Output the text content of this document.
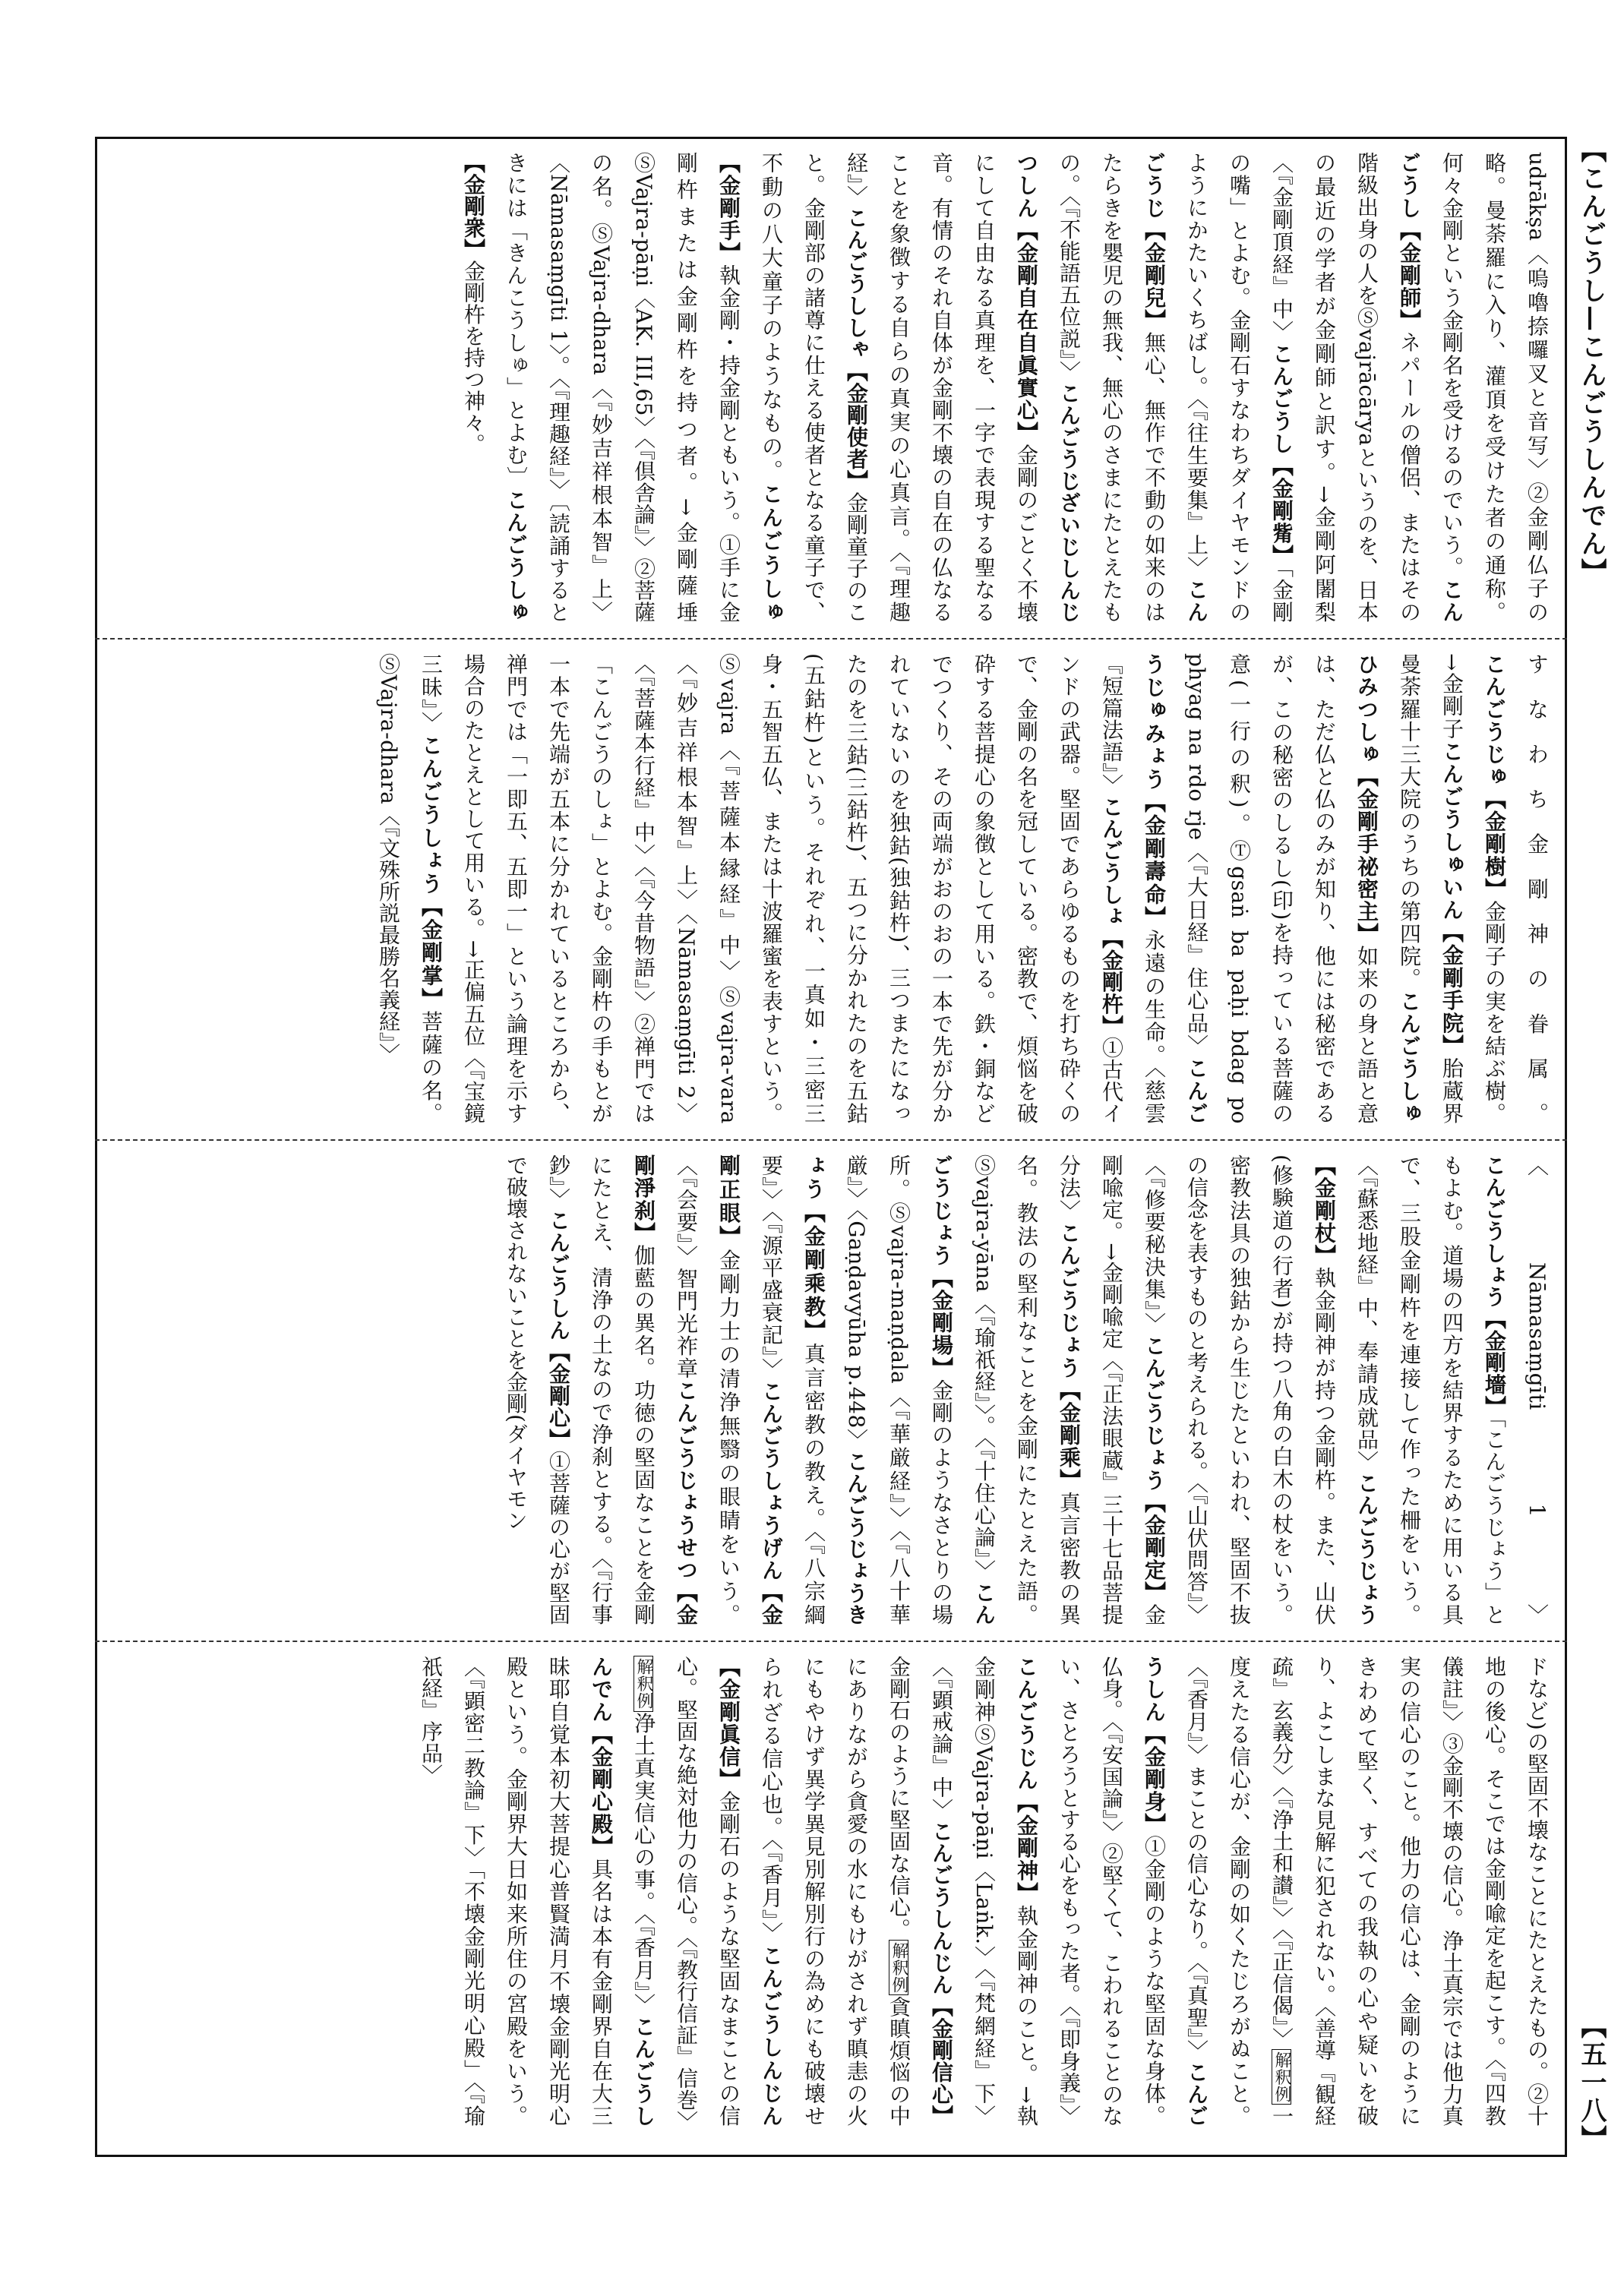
【こんごうし—こんごうしんでん】
【五一八】
udrākṣa〈嗚嚕捺囉叉と音写〉②金剛仏子の略。曼荼羅に入り、灌頂を受けた者の通称。何々金剛という金剛名を受けるのでいう。こんごうし【金剛師】ネパールの僧侶、またはその階級出身の人をⓈvajrācāryaというのを、日本の最近の学者が金剛師と訳す。→金剛阿闍梨〈『金剛頂経』中〉こんごうし【金剛觜】「金剛の嘴」とよむ。金剛石すなわちダイヤモンドのようにかたいくちばし。〈『往生要集』上〉こんごうじ【金剛兒】無心、無作で不動の如来のはたらきを嬰児の無我、無心のさまにたとえたもの。〈『不能語五位説』〉こんごうじざいじしんじつしん【金剛自在自眞實心】金剛のごとく不壊にして自由なる真理を、一字で表現する聖なる音。有情のそれ自体が金剛不壊の自在の仏なることを象徴する自らの真実の心真言。〈『理趣経』〉こんごうししゃ【金剛使者】金剛童子のこと。金剛部の諸尊に仕える使者となる童子で、不動の八大童子のようなもの。こんごうしゅ【金剛手】執金剛・持金剛ともいう。①手に金剛杵または金剛杵を持つ者。→金剛薩埵 ⓈVajra-pāṇi〈AK. III,65〉〈『倶舎論』〉②菩薩の名。ⓈVajra-dhara〈『妙吉祥根本智』上〉〈Nāmasaṃgīti 1〉。〈『理趣経』〉〔読誦するときには「きんこうしゅ」とよむ〕こんごうしゅ【金剛衆】金剛杵を持つ神々。
すなわち金剛神の眷属。こんごうじゅ【金剛樹】金剛子の実を結ぶ樹。→金剛子こんごうしゅいん【金剛手院】胎蔵界曼荼羅十三大院のうちの第四院。こんごうしゅひみつしゅ【金剛手祕密主】如来の身と語と意は、ただ仏と仏のみが知り、他には秘密であるが、この秘密のしるし(印)を持っている菩薩の意(一行の釈)。Ⓣgsaṅ ba paḥi bdag po phyag na rdo rje〈『大日経』住心品〉こんごうじゅみょう【金剛壽命】永遠の生命。〈慈雲『短篇法語』〉こんごうしょ【金剛杵】①古代インドの武器。堅固であらゆるものを打ち砕くので、金剛の名を冠している。密教で、煩悩を破砕する菩提心の象徴として用いる。鉄・銅などでつくり、その両端がおのおの一本で先が分かれていないのを独鈷(独鈷杵)、三つまたになったのを三鈷(三鈷杵)、五つに分かれたのを五鈷(五鈷杵)という。それぞれ、一真如・三密三身・五智五仏、または十波羅蜜を表すという。Ⓢvajra〈『菩薩本縁経』中〉Ⓢvajra-vara〈『妙吉祥根本智』上〉〈Nāmasaṃgīti 2〉〈『菩薩本行経』中〉〈『今昔物語』〉②禅門では「こんごうのしょ」とよむ。金剛杵の手もとが一本で先端が五本に分かれているところから、禅門では「一即五、五即一」という論理を示す場合のたとえとして用いる。→正偏五位〈『宝鏡三昧』〉こんごうしょう【金剛掌】菩薩の名。ⓈVajra-dhara〈『文殊所説最勝名義経』〉
〈Nāmasaṃgīti 1〉こんごうしょう【金剛墻】「こんごうじょう」ともよむ。道場の四方を結界するために用いる具で、三股金剛杵を連接して作った柵をいう。〈『蘇悉地経』中、奉請成就品〉こんごうじょう【金剛杖】執金剛神が持つ金剛杵。また、山伏(修験道の行者)が持つ八角の白木の杖をいう。密教法具の独鈷から生じたといわれ、堅固不抜の信念を表すものと考えられる。〈『山伏問答』〉〈『修要秘決集』〉こんごうじょう【金剛定】金剛喩定。→金剛喩定〈『正法眼蔵』三十七品菩提分法〉こんごうじょう【金剛乘】真言密教の異名。教法の堅利なことを金剛にたとえた語。Ⓢvajra-yāna〈『瑜祇経』〉。〈『十住心論』〉こんごうじょう【金剛場】金剛のようなさとりの場所。Ⓢvajra-maṇḍala〈『華厳経』〉〈『八十華厳』〉〈Gaṇḍavyūha p.448〉こんごうじょうきょう【金剛乘教】真言密教の教え。〈『八宗綱要』〉〈『源平盛衰記』〉こんごうしょうげん【金剛正眼】金剛力士の清浄無翳の眼睛をいう。〈『会要』〉智門光祚章こんごうじょうせつ【金剛淨刹】伽藍の異名。功徳の堅固なことを金剛にたとえ、清浄の土なので浄刹とする。〈『行事鈔』〉こんごうしん【金剛心】①菩薩の心が堅固で破壊されないことを金剛(ダイヤモン
ドなど)の堅固不壊なことにたとえたもの。②十地の後心。そこでは金剛喩定を起こす。〈『四教儀註』〉③金剛不壊の信心。浄土真宗では他力真実の信心のこと。他力の信心は、金剛のようにきわめて堅く、すべての我執の心や疑いを破り、よこしまな見解に犯されない。〈善導『観経疏』玄義分〉〈『浄土和讃』〉〈『正信偈』〉解釈例一度えたる信心が、金剛の如くたじろがぬこと。〈『香月』〉まことの信心なり。〈『真聖』〉こんごうしん【金剛身】①金剛のような堅固な身体。仏身。〈『安国論』〉②堅くて、こわれることのない、さとろうとする心をもった者。〈『即身義』〉こんごうじん【金剛神】執金剛神のこと。→執金剛神ⓈVajra-pāṇi〈Laṅk.〉〈『梵網経』下〉〈『顕戒論』中〉こんごうしんじん【金剛信心】金剛石のように堅固な信心。解釈例貪瞋煩悩の中にありながら貪愛の水にもけがされず瞋恚の火にもやけず異学異見別解別行の為めにも破壊せられざる信心也。〈『香月』〉こんごうしんじん【金剛眞信】金剛石のような堅固なまことの信心。堅固な絶対他力の信心。〈『教行信証』信巻〉解釈例浄土真実信心の事。〈『香月』〉こんごうしんでん【金剛心殿】具名は本有金剛界自在大三昧耶自覚本初大菩提心普賢満月不壊金剛光明心殿という。金剛界大日如来所住の宮殿をいう。〈『顕密二教論』下〉「不壊金剛光明心殿」〈『瑜祇経』序品〉
